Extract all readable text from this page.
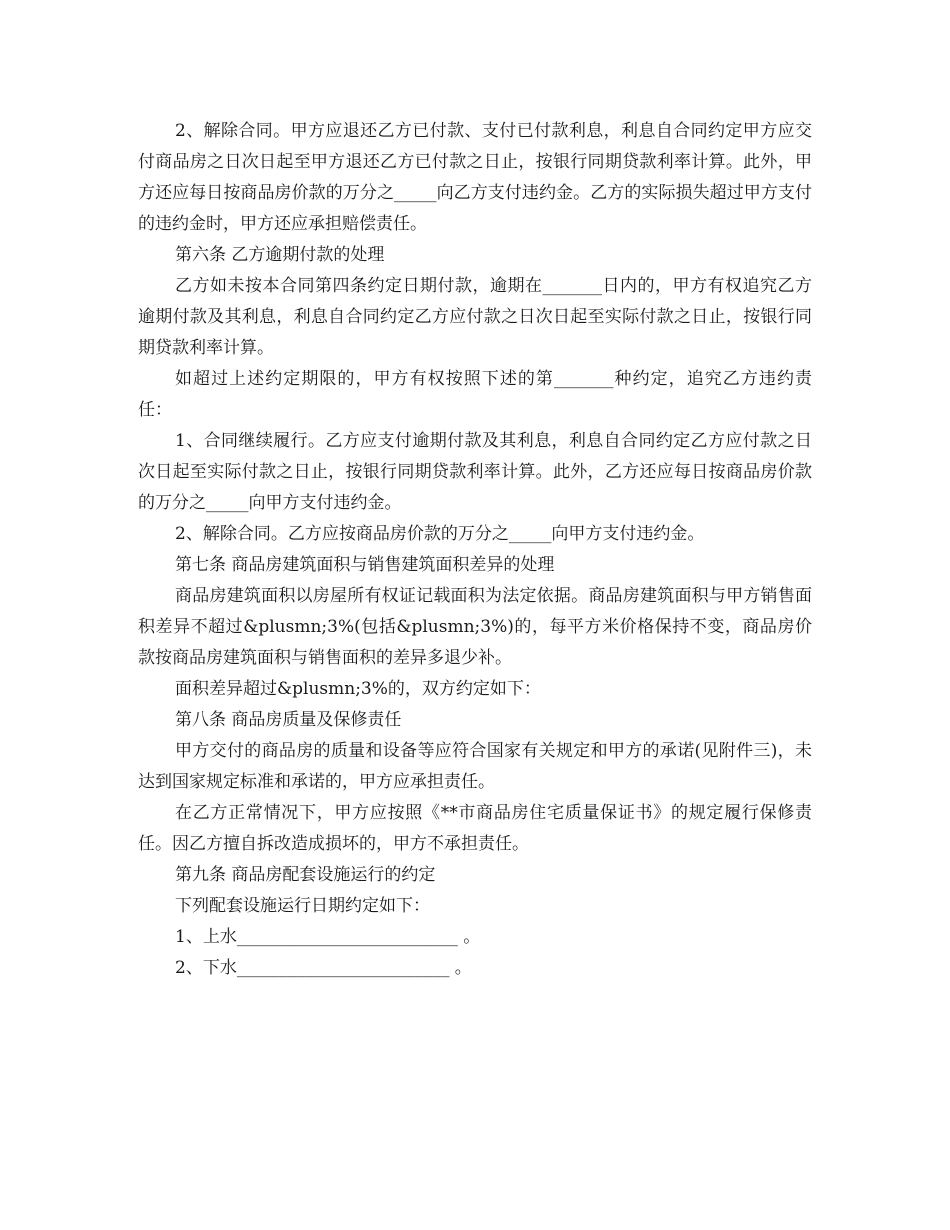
2、解除合同。甲方应退还乙方已付款、支付已付款利息，利息自合同约定甲方应交付商品房之日次日起至甲方退还乙方已付款之日止，按银行同期贷款利率计算。此外，甲方还应每日按商品房价款的万分之_____向乙方支付违约金。乙方的实际损失超过甲方支付的违约金时，甲方还应承担赔偿责任。

第六条 乙方逾期付款的处理

乙方如未按本合同第四条约定日期付款，逾期在_______日内的，甲方有权追究乙方逾期付款及其利息，利息自合同约定乙方应付款之日次日起至实际付款之日止，按银行同期贷款利率计算。

如超过上述约定期限的，甲方有权按照下述的第_______种约定，追究乙方违约责任：

1、合同继续履行。乙方应支付逾期付款及其利息，利息自合同约定乙方应付款之日次日起至实际付款之日止，按银行同期贷款利率计算。此外，乙方还应每日按商品房价款的万分之_____向甲方支付违约金。

2、解除合同。乙方应按商品房价款的万分之_____向甲方支付违约金。

第七条 商品房建筑面积与销售建筑面积差异的处理

商品房建筑面积以房屋所有权证记载面积为法定依据。商品房建筑面积与甲方销售面积差异不超过&plusmn;3%(包括&plusmn;3%)的，每平方米价格保持不变，商品房价款按商品房建筑面积与销售面积的差异多退少补。

面积差异超过&plusmn;3%的，双方约定如下：

第八条 商品房质量及保修责任

甲方交付的商品房的质量和设备等应符合国家有关规定和甲方的承诺(见附件三)，未达到国家规定标准和承诺的，甲方应承担责任。

在乙方正常情况下，甲方应按照《**市商品房住宅质量保证书》的规定履行保修责任。因乙方擅自拆改造成损坏的，甲方不承担责任。

第九条 商品房配套设施运行的约定

下列配套设施运行日期约定如下：

1、上水__________________________ 。

2、下水_________________________ 。
